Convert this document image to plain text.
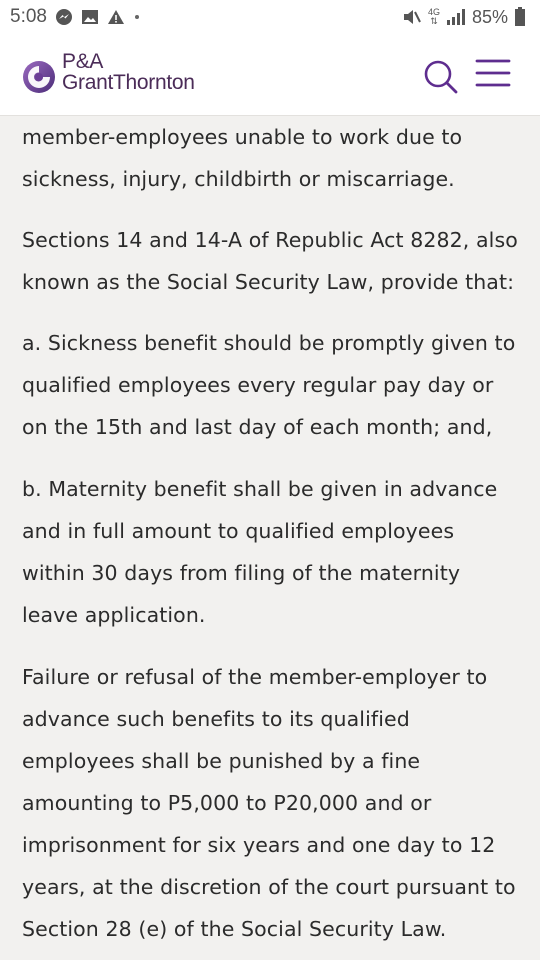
5:08	4G
⇅ 85%
P&A
GrantThornton

member-employees unable to work due to sickness, injury, childbirth or miscarriage.

Sections 14 and 14-A of Republic Act 8282, also known as the Social Security Law, provide that:

a. Sickness benefit should be promptly given to qualified employees every regular pay day or on the 15th and last day of each month; and,

b. Maternity benefit shall be given in advance and in full amount to qualified employees within 30 days from filing of the maternity leave application.

Failure or refusal of the member-employer to advance such benefits to its qualified employees shall be punished by a fine amounting to P5,000 to P20,000 and or imprisonment for six years and one day to 12 years, at the discretion of the court pursuant to Section 28 (e) of the Social Security Law.
